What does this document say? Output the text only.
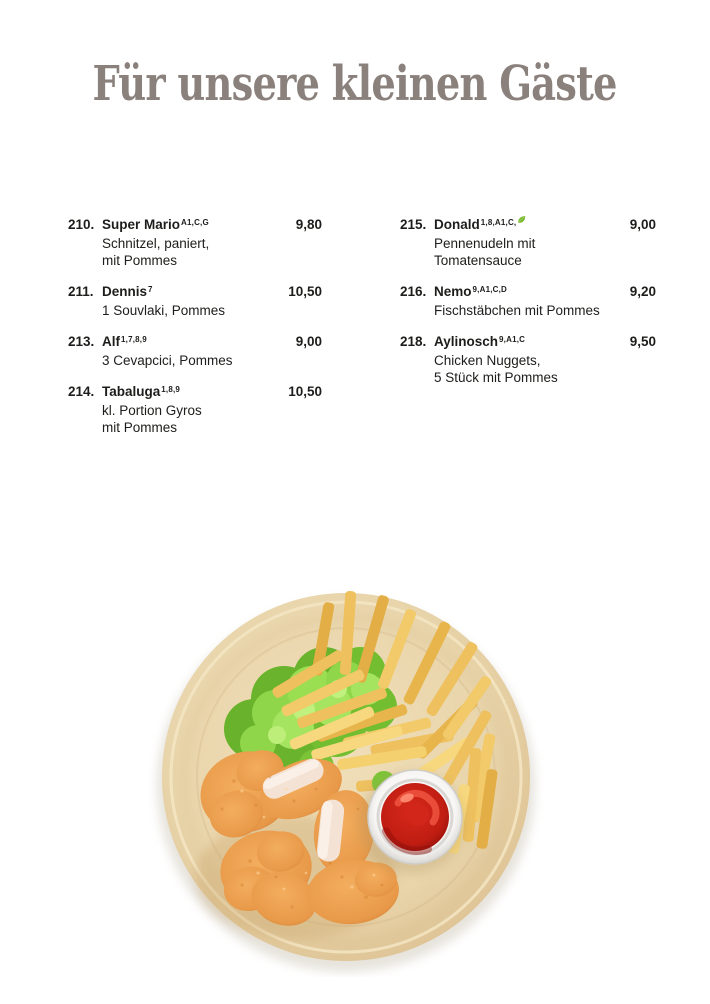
Für unsere kleinen Gäste
210. Super Mario$^{A1,C,G}$
Schnitzel, paniert,
mit Pommes
9,80
211. Dennis$^7$
1 Souvlaki, Pommes
10,50
213. Alf$^{1,7,8,9}$
3 Cevapcici, Pommes
9,00
214. Tabaluga$^{1,8,9}$
kl. Portion Gyros
mit Pommes
10,50
215. Donald$^{1,8,A1,C,}$
Pennenudeln mit
Tomatensauce
9,00
216. Nemo$^{9,A1,C,D}$
Fischstäbchen mit Pommes
9,20
218. Aylinosch$^{9,A1,C}$
Chicken Nuggets,
5 Stück mit Pommes
9,50
